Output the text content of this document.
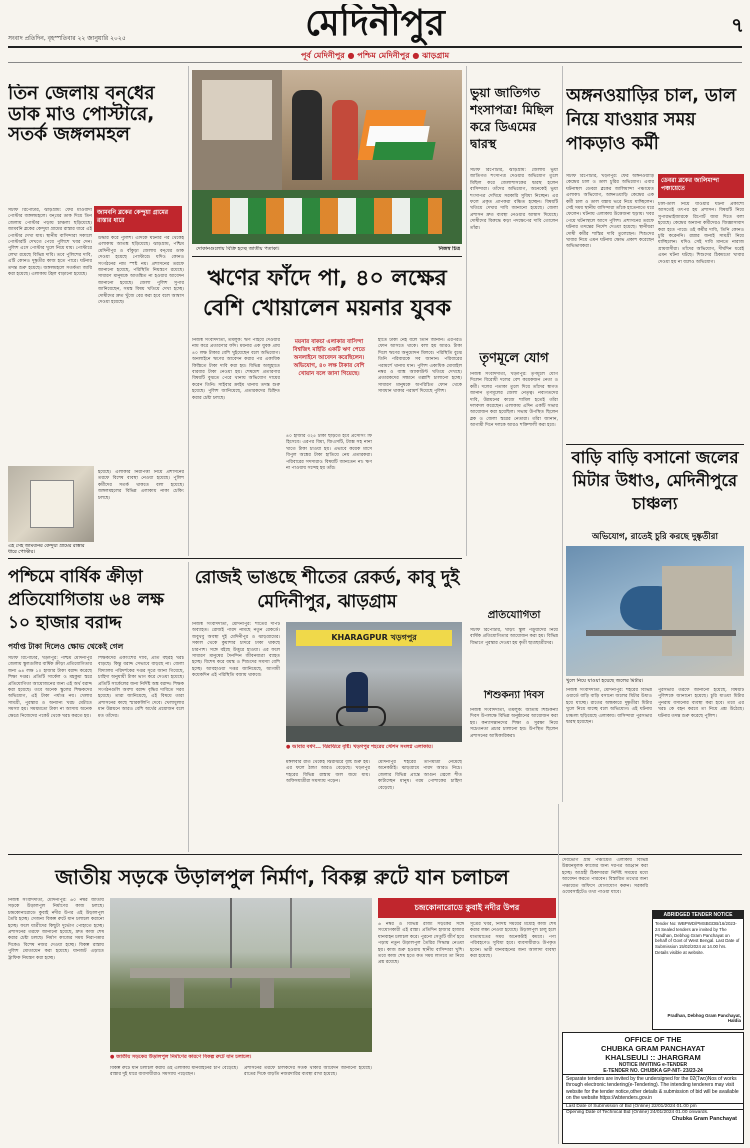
সংবাদ প্রতিদিন, বৃহস্পতিবার ২২ জানুয়ারি ২০২৫	মেদিনীপুর	৭
পূর্ব মেদিনীপুর ● পশ্চিম মেদিনীপুর ● ঝাড়গ্রাম
তিন জেলায় বন্‌ধের ডাক মাও পোস্টারে, সতর্ক জঙ্গলমহল
জামবনি ব্লকের কেন্দুয়া গ্রামের রাস্তার ধারে
সটাফ রিপোর্টার, ঝাড়গ্রাম: ফের মাওবাদী পোস্টার জঙ্গলমহলে। বন্‌ধের ডাক দিয়ে তিন জেলায় পোস্টার পড়ায় চাঞ্চল্য ছড়িয়েছে। জামবনি ব্লকের কেন্দুয়া গ্রামের রাস্তার ধারে এই পোস্টার দেখা যায়। স্থানীয় বাসিন্দারা সকালে পোস্টারটি দেখতে পেয়ে পুলিশে খবর দেন। পুলিশ এসে পোস্টার খুলে নিয়ে যায়। পোস্টারে লেখা রয়েছে বিভিন্ন দাবি। তবে পুলিশের দাবি, এটি কোনও দুষ্কৃতীর কাজ হতে পারে। ঘটনার তদন্ত শুরু হয়েছে। জঙ্গলমহলে সতর্কতা জারি করা হয়েছে। এলাকায় টহল বাড়ানো হয়েছে।
উদ্ধার করে পুলিশ। এদিকে ঘটনার পর থেকেই এলাকায় আতঙ্ক ছড়িয়েছে। ঝাড়গ্রাম, পশ্চিম মেদিনীপুর ও বাঁকুড়া জেলায় বন্‌ধের ডাক দেওয়া হয়েছে পোস্টারে। যদিও কোনও সংগঠনের নাম স্পষ্ট নয়। প্রশাসনের তরফে জানানো হয়েছে, পরিস্থিতি নিয়ন্ত্রণে রয়েছে। সাধারণ মানুষকে আতঙ্কিত না হওয়ার আবেদন জানানো হয়েছে। জেলা পুলিশ সুপার জানিয়েছেন, সমস্ত বিষয় খতিয়ে দেখা হচ্ছে। দোষীদের দ্রুত খুঁজে বের করা হবে বলে আশ্বাস দেওয়া হয়েছে।
এই সেই জামবনির কেন্দুয়া গ্রামের রাস্তার ধারে পোস্টার।
হয়েছে। এলাকার নিরাপত্তা নিয়ে প্রশাসনের তরফে বিশেষ ব্যবস্থা নেওয়া হয়েছে। পুলিশ কর্মীদের সতর্ক থাকতে বলা হয়েছে। জঙ্গলমহলের বিভিন্ন এলাকায় নাকা চেকিং চলছে।
দোকানগুলোয় বিক্রি হচ্ছে জাতীয় পতাকা।	নিজস্ব চিত্র
ঋণের ফাঁদে পা, ৪০ লক্ষের বেশি খোয়ালেন ময়নার যুবক
নিজস্ব সংবাদদাতা, তমলুক: ঋণ পাইয়ে দেওয়ার নাম করে প্রতারণার ফাঁদ। ময়নার এক যুবক প্রায় ৪০ লক্ষ টাকার বেশি খুইয়েছেন বলে অভিযোগ। অনলাইনে ঋণের আবেদন করার পর একাধিক কিস্তিতে টাকা দাবি করা হয়। বিভিন্ন অজুহাতে বারবার টাকা নেওয়া হয়। শেষমেশ প্রতারণার বিষয়টি বুঝতে পেরে থানায় অভিযোগ দায়ের করেন তিনি। সাইবার ক্রাইম থানায় তদন্ত শুরু হয়েছে। পুলিশ জানিয়েছে, প্রতারকদের চিহ্নিত করার চেষ্টা চলছে।
ময়নার বাকচা এলাকার বাসিন্দা বিশ্বজিৎ মাইতি একটি ঋণ পেতে অনলাইনে আবেদন করেছিলেন। অভিযোগ, ৪০ লক্ষ টাকার বেশি খোয়ান বলে জানা গিয়েছে।
৪০ হাজার ৩২৫ টাকা ছাড়তে হবে প্রসেসিং ফি হিসেবে। এরপর বিমা, জিএসটি, ট্যাক্স সহ নানা খাতে টাকা চাওয়া হয়। এভাবে কয়েক মাসে বিপুল অঙ্কের টাকা হাতিয়ে নেয় প্রতারকরা। পরিবারের সদস্যরাও বিষয়টি জানতেন না। ঋণ না পাওয়ায় সন্দেহ হয় তাঁর।
হাতে টাকা নেই বলে তিনি জানান। এরপরও ফোন আসতে থাকে। বলা হয় আরও টাকা দিলে ঋণের অনুমোদন মিলবে। পরিস্থিতি বুঝে তিনি পরিবারকে সব জানান। পরিবারের পরামর্শে থানায় যান। পুলিশ একাধিক মোবাইল নম্বর ও ব্যাঙ্ক অ্যাকাউন্ট খতিয়ে দেখছে। প্রতারকদের সন্ধানে তল্লাশি চালানো হচ্ছে। সাধারণ মানুষকে অপরিচিত ফোন থেকে সাবধান থাকার পরামর্শ দিয়েছে পুলিশ।
ভুয়া জাতিগত শংসাপত্র! মিছিল করে ডিএমের দ্বারস্থ
সটাফ রিপোর্টার, ঝাড়গ্রাম: জেলায় ভুয়া জাতিগত শংসাপত্র দেওয়ার অভিযোগ তুলে মিছিল করে জেলাশাসকের দ্বারস্থ হলেন বাসিন্দারা। তাঁদের অভিযোগ, অনেকেই ভুয়া শংসাপত্র দেখিয়ে সরকারি সুবিধা নিচ্ছেন। এর ফলে প্রকৃত প্রাপকরা বঞ্চিত হচ্ছেন। বিষয়টি খতিয়ে দেখার দাবি জানানো হয়েছে। জেলা প্রশাসন দ্রুত ব্যবস্থা নেওয়ার আশ্বাস দিয়েছে। দোষীদের বিরুদ্ধে কড়া পদক্ষেপের দাবি তোলেন তাঁরা।
তৃণমূলে যোগ
নিজস্ব সংবাদদাতা, খড়্গপুর: তৃণমূলে যোগ দিলেন বিরোধী দলের বেশ কয়েকজন নেতা ও কর্মী। দলের পতাকা তুলে দিয়ে তাঁদের স্বাগত জানান তৃণমূলের জেলা নেতৃত্ব। নবাগতদের দাবি, উন্নয়নের কাজে শামিল হতেই তাঁরা দলবদল করেছেন। এলাকায় এদিন একটি সভার আয়োজন করা হয়েছিল। সভায় উপস্থিত ছিলেন ব্লক ও জেলা স্তরের নেতারা। তাঁরা জানান, আগামী দিনে দলকে আরও শক্তিশালী করা হবে।
প্রতিযোগিতা
সটাফ রিপোর্টার, খাঁড়া: স্কুল পড়ুয়াদের নিয়ে বার্ষিক প্রতিযোগিতার আয়োজন করা হয়। বিভিন্ন বিভাগে পুরস্কার দেওয়া হয় কৃতী ছাত্রছাত্রীদের।
শিশুকন্যা দিবস
নিজস্ব সংবাদদাতা, তমলুক: জাতীয় শিশুকন্যা দিবস উপলক্ষে বিভিন্ন অনুষ্ঠানের আয়োজন করা হয়। কন্যাসন্তানদের শিক্ষা ও সুরক্ষা নিয়ে সচেতনতা প্রচার চালানো হয়। উপস্থিত ছিলেন প্রশাসনের আধিকারিকরা।
অঙ্গনওয়াড়ির চাল, ডাল নিয়ে যাওয়ার সময় পাকড়াও কর্মী
ডেবরা ব্লকের জালিমান্দা পঞ্চায়েতে
সটাফ রিপোর্টার, খড়্গপুর: ফের অঙ্গনওয়াড়ি কেন্দ্রের চাল ও ডাল চুরির অভিযোগ। এবার ঘটনাস্থল ডেবরা ব্লকের জালিমান্দা পঞ্চায়েত এলাকা। অভিযোগ, অঙ্গনওয়াড়ি কেন্দ্রের এক কর্মী চাল ও ডাল বস্তায় ভরে নিয়ে যাচ্ছিলেন। সেই সময় স্থানীয় বাসিন্দারা তাঁকে হাতেনাতে ধরে ফেলেন। ঘটনায় এলাকায় উত্তেজনা ছড়ায়। খবর পেয়ে ঘটনাস্থলে আসে পুলিশ। প্রশাসনের তরফে ঘটনার তদন্তের নির্দেশ দেওয়া হয়েছে। স্থানীয়রা দোষী কর্মীর শাস্তির দাবি তুলেছেন। শিশুদের খাবার নিয়ে এমন ঘটনায় ক্ষোভ প্রকাশ করেছেন অভিভাবকরা।
চাল-ডাল নিয়ে যাওয়ার ঘটনা প্রকাশ্যে আসতেই তৎপর হয় প্রশাসন। বিষয়টি নিয়ে সুপারভাইজারকে রিপোর্ট জমা দিতে বলা হয়েছে। কেন্দ্রের অন্যান্য কর্মীদেরও জিজ্ঞাসাবাদ করা হতে পারে। ওই কর্মীর দাবি, তিনি কোনও চুরি করেননি। রান্নার জন্যই সামগ্রী নিয়ে যাচ্ছিলেন। যদিও সেই দাবি মানতে নারাজ গ্রামবাসীরা। তাঁদের অভিযোগ, দীর্ঘদিন ধরেই এমন ঘটনা ঘটছে। শিশুদের ঠিকমতো খাবার দেওয়া হয় না বলেও অভিযোগ।
বাড়ি বাড়ি বসানো জলের মিটার উধাও, মেদিনীপুরে চাঞ্চল্য
অভিযোগ, রাতেই চুরি করছে দুষ্কৃতীরা
খুলে নিয়ে যাওয়া হয়েছে জলের মিটার।
নিজস্ব সংবাদদাতা, মেদিনীপুর: শহরের বিভিন্ন ওয়ার্ডে বাড়ি বাড়ি বসানো জলের মিটার উধাও হয়ে যাচ্ছে। রাতের অন্ধকারে দুষ্কৃতীরা মিটার খুলে নিয়ে যাচ্ছে বলে অভিযোগ। এই ঘটনায় চাঞ্চল্য ছড়িয়েছে এলাকায়। বাসিন্দারা পুরসভার দ্বারস্থ হয়েছেন।
পুরসভার তরফে জানানো হয়েছে, বিষয়টি পুলিশকে জানানো হয়েছে। চুরি যাওয়া মিটার পুনরায় বসানোর ব্যবস্থা করা হবে। তবে এর খরচ কে বহন করবে তা নিয়ে প্রশ্ন উঠেছে। ঘটনার তদন্ত শুরু করেছে পুলিশ।
পশ্চিমে বার্ষিক ক্রীড়া প্রতিযোগিতায় ৬৪ লক্ষ ১০ হাজার বরাদ্দ
পর্যাপ্ত টাকা দিলেও ক্ষোভ থেকেই গেল
সটাফ রিপোর্টার, খড়্গপুর: পশ্চিম মেদিনীপুর জেলায় স্কুলগুলির বার্ষিক ক্রীড়া প্রতিযোগিতার জন্য ৬৪ লক্ষ ১০ হাজার টাকা বরাদ্দ করেছে শিক্ষা দপ্তর। প্রতিটি সার্কেল ও মহকুমা স্তরে প্রতিযোগিতা আয়োজনের জন্য এই অর্থ বরাদ্দ করা হয়েছে। তবে অনেক স্কুলের শিক্ষকদের অভিযোগ, এই টাকা পর্যাপ্ত নয়। খেলার সামগ্রী, পুরস্কার ও অন্যান্য খরচ মেটাতে সমস্যা হয়। সময়মতো টাকা না আসায় অনেক ক্ষেত্রে নিজেদের পকেট থেকে খরচ করতে হয়।
শিক্ষকদের একাংশের দাবি, প্রতি বছরই খরচ বাড়ছে। কিন্তু বরাদ্দ সেভাবে বাড়ছে না। জেলা বিদ্যালয় পরিদর্শকের দপ্তর সূত্রে জানা গিয়েছে, চাহিদা অনুযায়ী টাকা ভাগ করে দেওয়া হয়েছে। প্রতিটি সার্কেলের জন্য নির্দিষ্ট অঙ্ক বরাদ্দ। শিক্ষক সংগঠনগুলি অবশ্য বরাদ্দ বৃদ্ধির দাবিতে সরব হয়েছে। তারা জানিয়েছে, এই বিষয়ে তারা প্রশাসনের কাছে স্মারকলিপি দেবে। খেলাধুলার মান উন্নয়নে আরও বেশি অর্থের প্রয়োজন বলে মত তাঁদের।
রোজই ভাঙছে শীতের রেকর্ড, কাবু দুই মেদিনীপুর, ঝাড়গ্রাম
নিজস্ব সংবাদদাতা, মেদিনীপুর: শীতের দাপট অব্যাহত। রোজই পারদ নামছে নতুন রেকর্ডে। জবুথবু অবস্থা দুই মেদিনীপুর ও ঝাড়গ্রামের। সকাল থেকে কুয়াশার চাদরে ঢাকা থাকছে চারপাশ। সঙ্গে বইছে উত্তুরে হাওয়া। এর ফলে সাধারণ মানুষের দৈনন্দিন জীবনযাত্রা ব্যাহত হচ্ছে। বিশেষ করে বয়স্ক ও শিশুদের সমস্যা বেশি হচ্ছে। আবহাওয়া দপ্তর জানিয়েছে, আগামী কয়েকদিন এই পরিস্থিতি বজায় থাকবে।
KHARAGPUR খড়গপুর
● আবার বর্ষণ... ঝিরঝিরে বৃষ্টি। খড়গপুর শহরের স্টেশন সংলগ্ন এলাকায়।
মঙ্গলবার রাত থেকেই ঝিরঝিরে বৃষ্টি শুরু হয়। এর ফলে ঠান্ডা আরও বেড়েছে। খড়্গপুর শহরের বিভিন্ন রাস্তায় জল জমে যায়। অফিসযাত্রীরা সমস্যায় পড়েন।
মেদিনীপুর শহরের তাপমাত্রা নেমেছে অনেকটাই। ঝাড়গ্রামে পারদ আরও নিচে। জেলার বিভিন্ন প্রান্তে আগুন জ্বেলে শীত কাটাচ্ছেন মানুষ। গরম পোশাকের চাহিদা বেড়েছে।
জাতীয় সড়কে উড়ালপুল নির্মাণ, বিকল্প রুটে যান চলাচল
নিজস্ব সংবাদদাতা, মেদিনীপুর: ৬০ নম্বর জাতীয় সড়কে উড়ালপুল নির্মাণের কাজ চলছে। চন্দ্রকোনারোডে কুবাই নদীর উপর এই উড়ালপুল তৈরি হচ্ছে। সেজন্য বিকল্প রুটে যান চলাচল করানো হচ্ছে। ফলে যাত্রীদের কিছুটা দুর্ভোগ পোহাতে হচ্ছে। প্রশাসনের তরফে জানানো হয়েছে, দ্রুত কাজ শেষ করার চেষ্টা চলছে। নির্মাণ কাজের সময় নিরাপত্তার দিকেও বিশেষ নজর দেওয়া হচ্ছে। বিকল্প রাস্তায় পুলিশ মোতায়েন করা হয়েছে। যানজট এড়াতে ট্রাফিক নিয়ন্ত্রণ করা হচ্ছে।
● জাতীয় সড়কের উড়ালপুল নির্মাণের কারণে বিকল্প রুটে যান চলাচল।
চন্দ্রকোনারোডে কুবাই নদীর উপর
৬ নম্বর ও বিভিন্ন রাজ্য সড়কের সঙ্গে সংযোগকারী এই রাস্তা। প্রতিদিন হাজার হাজার যানবাহন চলাচল করে। পুরনো সেতুটি জীর্ণ হয়ে পড়ায় নতুন উড়ালপুল তৈরির সিদ্ধান্ত নেওয়া হয়। কাজ শুরু হওয়ায় স্থানীয় বাসিন্দারা খুশি। তবে কাজ শেষ হতে কত সময় লাগবে তা নিয়ে প্রশ্ন রয়েছে।
সূত্রের খবর, নির্দিষ্ট সময়ের মধ্যেই কাজ শেষ করার লক্ষ্য নেওয়া হয়েছে। উড়ালপুল চালু হলে যাতায়াতের সময় অনেকটাই কমবে। পণ্য পরিবহণেও সুবিধা হবে। ব্যবসায়ীরাও উপকৃত হবেন। ভারী যানবাহনের জন্য আলাদা ব্যবস্থা করা হয়েছে।
বিকল্প রুটে যান চলাচল করায় ওই এলাকায় যানবাহনের চাপ বেড়েছে। রাস্তার দুই ধারে ব্যবসায়ীরাও সমস্যায় পড়েছেন।
প্রশাসনের তরফে চালকদের সতর্ক থাকার আবেদন জানানো হয়েছে। রাতের দিকে বাড়তি নজরদারির ব্যবস্থা রাখা হয়েছে।
ABRIDGED TENDER NOTICE
Tender No: WBPWD/PMSBGDB/16/2023-24 Sealed tenders are invited by The Pradhan, Debhog Gram Panchayat on behalf of Govt of West Bengal. Last Date of Submission 15/02/2024 at 14.00 hrs. Details visible at website.
Pradhan, Debhog Gram Panchayat, Haldia
দেবভোগ গ্রাম পঞ্চায়েত এলাকায় বিভিন্ন উন্নয়নমূলক কাজের জন্য দরপত্র আহ্বান করা হচ্ছে। আগ্রহী ঠিকাদাররা নির্দিষ্ট সময়ের মধ্যে আবেদন করতে পারবেন। বিস্তারিত তথ্যের জন্য পঞ্চায়েত অফিসে যোগাযোগ করুন। সরকারি ওয়েবসাইটেও তথ্য পাওয়া যাবে।
OFFICE OF THE
CHUBKA GRAM PANCHAYAT
KHALSEULI :: JHARGRAM
NOTICE INVITING e-TENDER
E-TENDER NO. CHUBKA GP-NIT- 23/23-24
Separate tenders are invited by the undersigned for the 02(Two)Nos of works through electronic tendering(e-Tendering). The intending tenderers may visit website for the tender notice,other details & submission of bid will be available on the website https://wbtenders.gov.in
Last Date of Submission of Bid (Online) 22/01/2024 01.00 pm
Opening Date of Technical Bid (Online) 24/01/2024 01.00 onwards.
Chubka Gram Panchayat
